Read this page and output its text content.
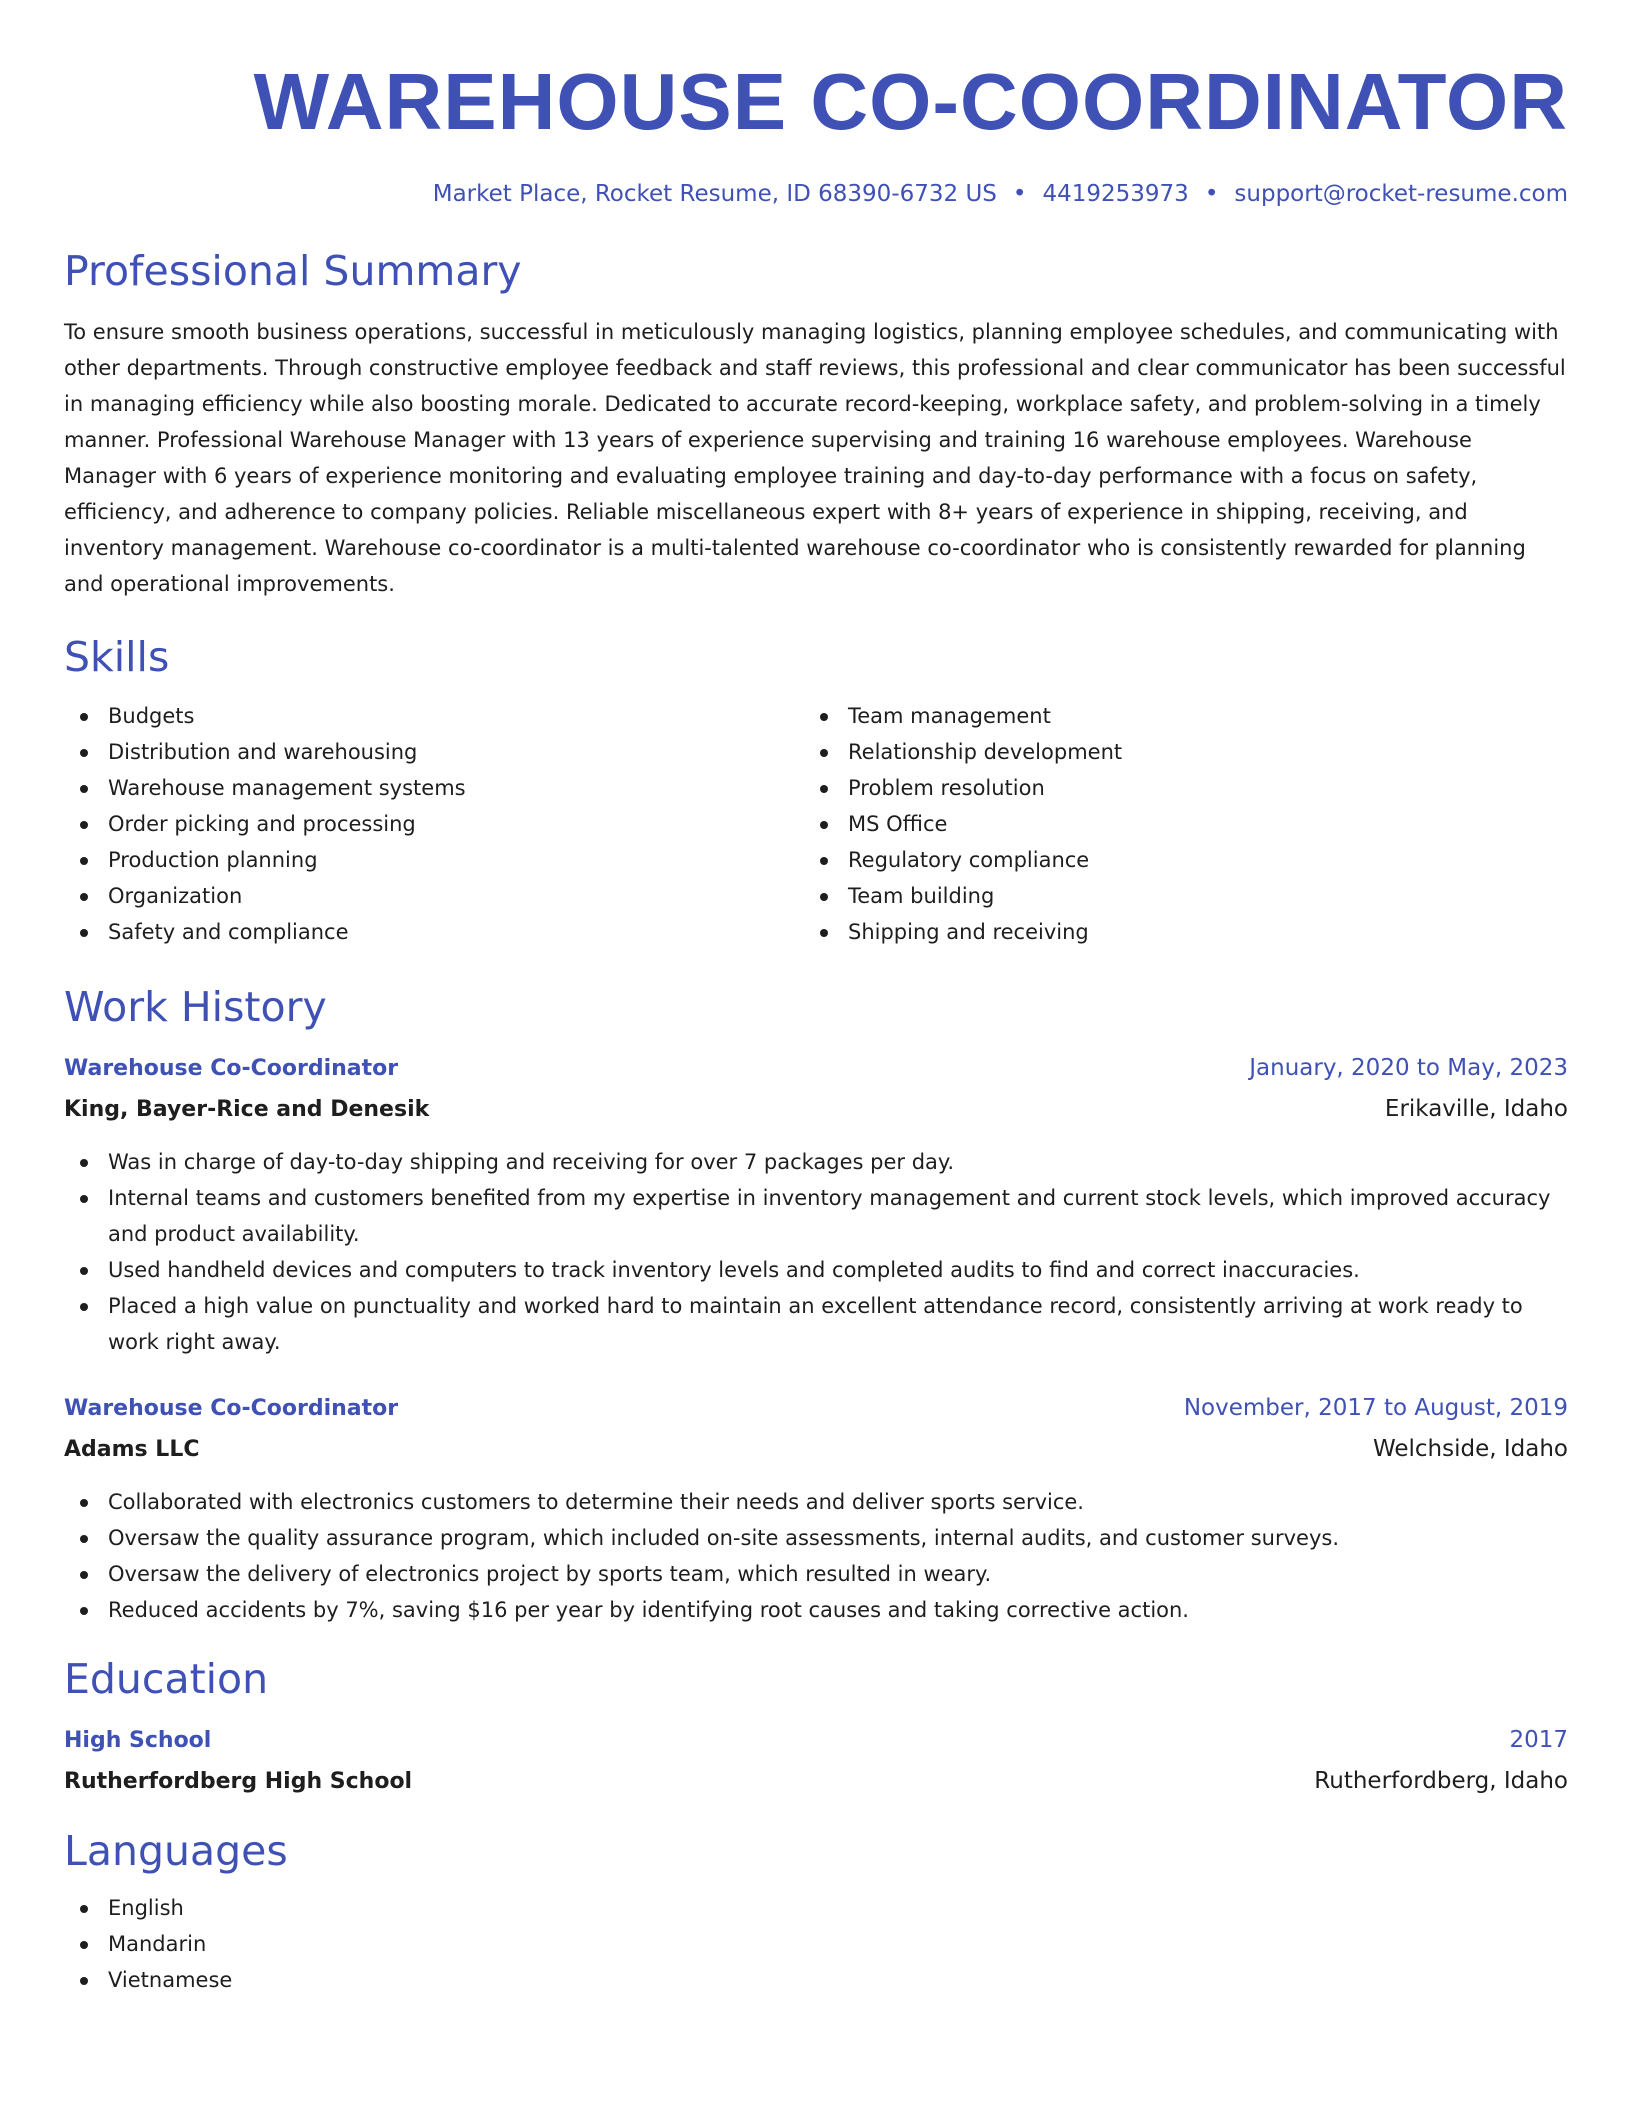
WAREHOUSE CO-COORDINATOR
Market Place, Rocket Resume, ID 68390-6732 US • 4419253973 • support@rocket-resume.com
Professional Summary

To ensure smooth business operations, successful in meticulously managing logistics, planning employee schedules, and communicating with other departments. Through constructive employee feedback and staff reviews, this professional and clear communicator has been successful in managing efficiency while also boosting morale. Dedicated to accurate record-keeping, workplace safety, and problem-solving in a timely manner. Professional Warehouse Manager with 13 years of experience supervising and training 16 warehouse employees. Warehouse Manager with 6 years of experience monitoring and evaluating employee training and day-to-day performance with a focus on safety, efficiency, and adherence to company policies. Reliable miscellaneous expert with 8+ years of experience in shipping, receiving, and inventory management. Warehouse co-coordinator is a multi-talented warehouse co-coordinator who is consistently rewarded for planning and operational improvements.

Skills
Budgets
Distribution and warehousing
Warehouse management systems
Order picking and processing
Production planning
Organization
Safety and compliance
Team management
Relationship development
Problem resolution
MS Office
Regulatory compliance
Team building
Shipping and receiving
Work History
Warehouse Co-Coordinator	January, 2020 to May, 2023
King, Bayer-Rice and Denesik	Erikaville, Idaho
Was in charge of day-to-day shipping and receiving for over 7 packages per day.
Internal teams and customers benefited from my expertise in inventory management and current stock levels, which improved accuracy and product availability.
Used handheld devices and computers to track inventory levels and completed audits to find and correct inaccuracies.
Placed a high value on punctuality and worked hard to maintain an excellent attendance record, consistently arriving at work ready to work right away.
Warehouse Co-Coordinator	November, 2017 to August, 2019
Adams LLC	Welchside, Idaho
Collaborated with electronics customers to determine their needs and deliver sports service.
Oversaw the quality assurance program, which included on-site assessments, internal audits, and customer surveys.
Oversaw the delivery of electronics project by sports team, which resulted in weary.
Reduced accidents by 7%, saving $16 per year by identifying root causes and taking corrective action.
Education
High School	2017
Rutherfordberg High School	Rutherfordberg, Idaho
Languages
English
Mandarin
Vietnamese
